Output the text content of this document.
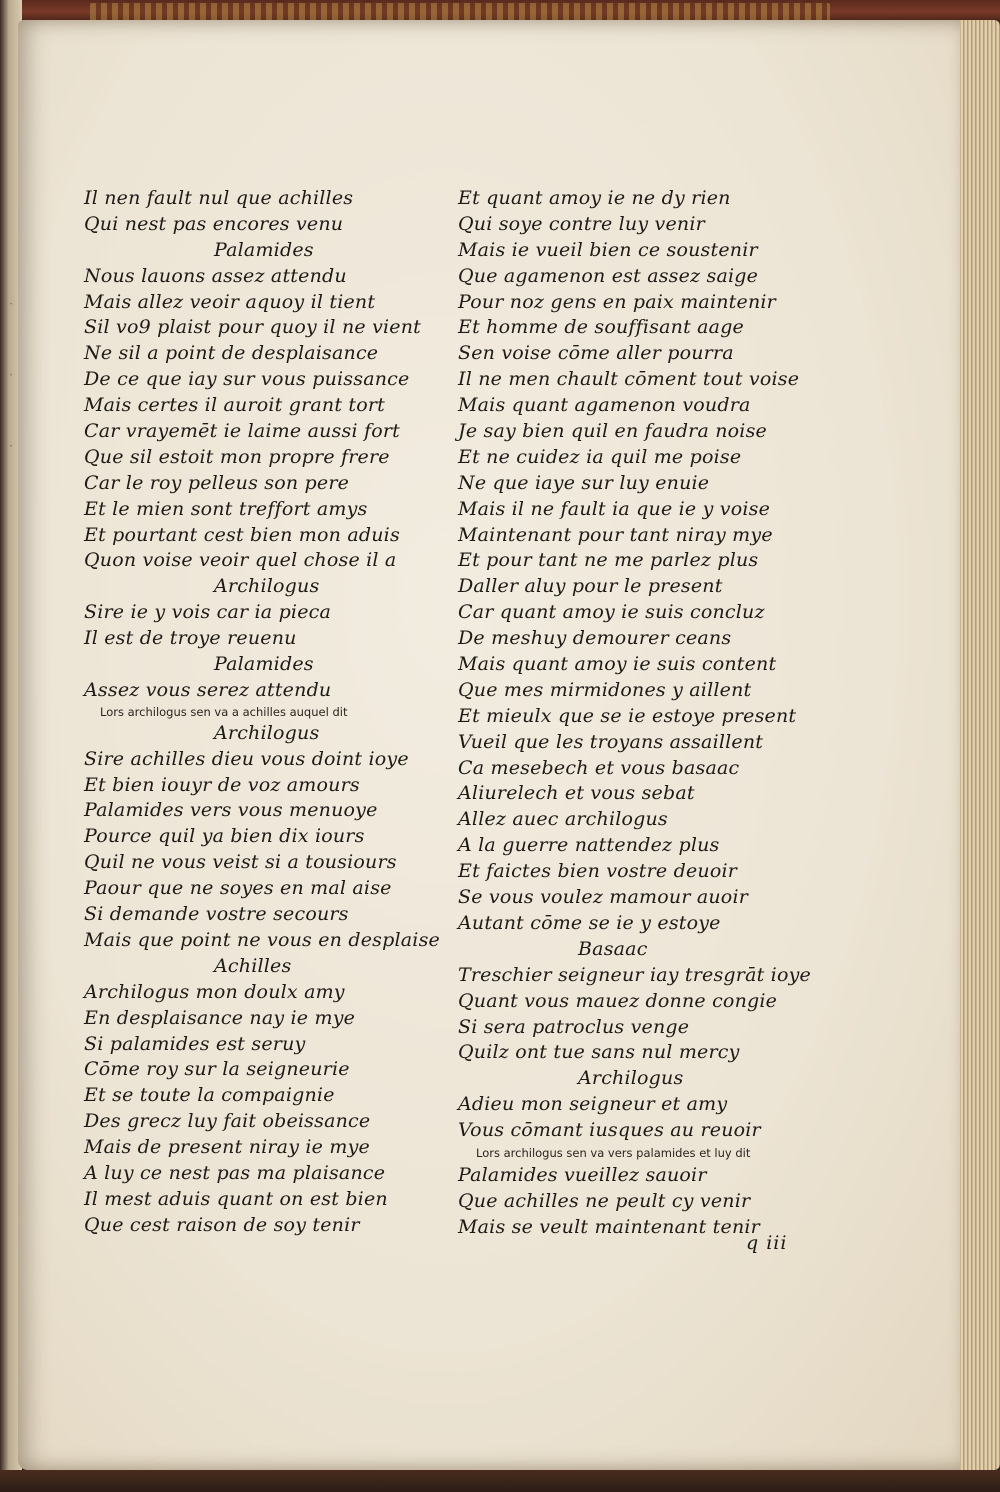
·
·
·
Il nen fault nul que achilles
Qui nest pas encores venu
Palamides
Nous lauons assez attendu
Mais allez veoir aquoy il tient
Sil vo9 plaist pour quoy il ne vient
Ne sil a point de desplaisance
De ce que iay sur vous puissance
Mais certes il auroit grant tort
Car vrayemēt ie laime aussi fort
Que sil estoit mon propre frere
Car le roy pelleus son pere
Et le mien sont treffort amys
Et pourtant cest bien mon aduis
Quon voise veoir quel chose il a
Archilogus
Sire ie y vois car ia pieca
Il est de troye reuenu
Palamides
Assez vous serez attendu
Lors archilogus sen va a achilles auquel dit
Archilogus
Sire achilles dieu vous doint ioye
Et bien iouyr de voz amours
Palamides vers vous menuoye
Pource quil ya bien dix iours
Quil ne vous veist si a tousiours
Paour que ne soyes en mal aise
Si demande vostre secours
Mais que point ne vous en desplaise
Achilles
Archilogus mon doulx amy
En desplaisance nay ie mye
Si palamides est seruy
Cōme roy sur la seigneurie
Et se toute la compaignie
Des grecz luy fait obeissance
Mais de present niray ie mye
A luy ce nest pas ma plaisance
Il mest aduis quant on est bien
Que cest raison de soy tenir
Et quant amoy ie ne dy rien
Qui soye contre luy venir
Mais ie vueil bien ce soustenir
Que agamenon est assez saige
Pour noz gens en paix maintenir
Et homme de souffisant aage
Sen voise cōme aller pourra
Il ne men chault cōment tout voise
Mais quant agamenon voudra
Je say bien quil en faudra noise
Et ne cuidez ia quil me poise
Ne que iaye sur luy enuie
Mais il ne fault ia que ie y voise
Maintenant pour tant niray mye
Et pour tant ne me parlez plus
Daller aluy pour le present
Car quant amoy ie suis concluz
De meshuy demourer ceans
Mais quant amoy ie suis content
Que mes mirmidones y aillent
Et mieulx que se ie estoye present
Vueil que les troyans assaillent
Ca mesebech et vous basaac
Aliurelech et vous sebat
Allez auec archilogus
A la guerre nattendez plus
Et faictes bien vostre deuoir
Se vous voulez mamour auoir
Autant cōme se ie y estoye
Basaac
Treschier seigneur iay tresgrāt ioye
Quant vous mauez donne congie
Si sera patroclus venge
Quilz ont tue sans nul mercy
Archilogus
Adieu mon seigneur et amy
Vous cōmant iusques au reuoir
Lors archilogus sen va vers palamides et luy dit
Palamides vueillez sauoir
Que achilles ne peult cy venir
Mais se veult maintenant tenir
q iii
